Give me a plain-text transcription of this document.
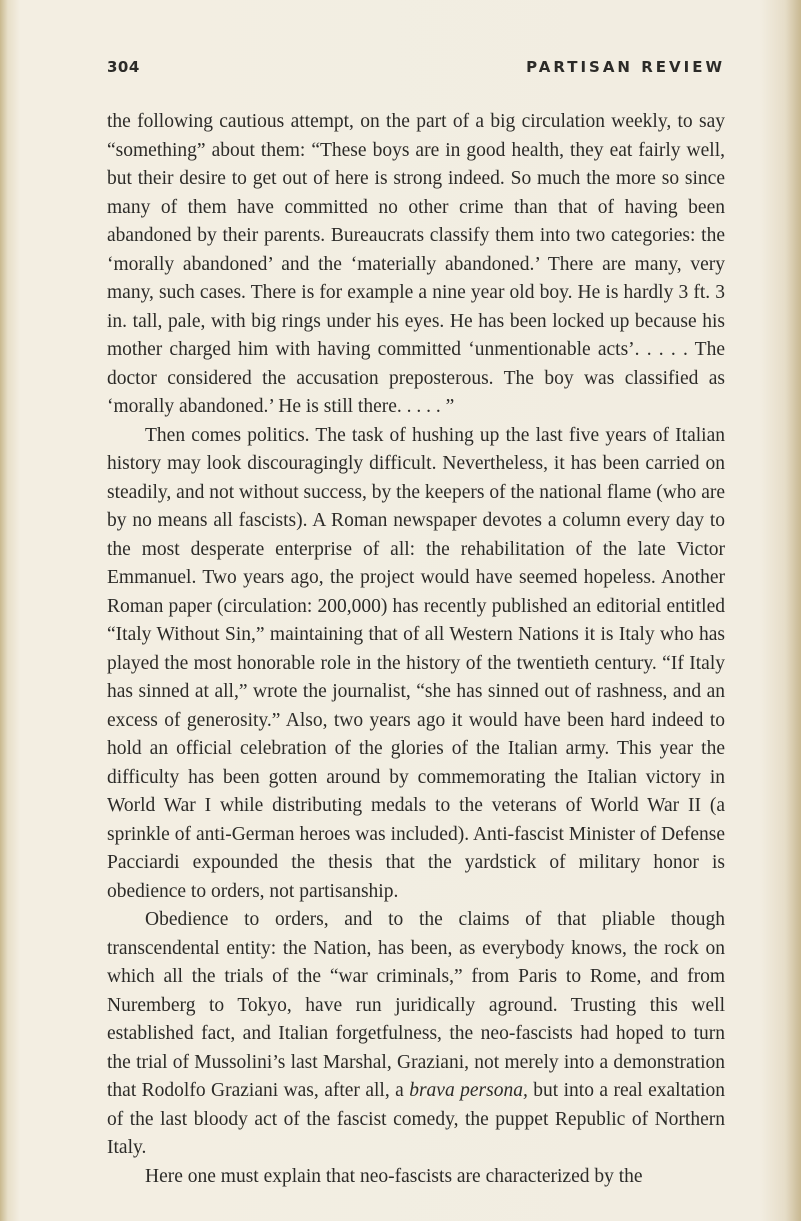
304	PARTISAN REVIEW

the following cautious attempt, on the part of a big circulation weekly, to say “something” about them: “These boys are in good health, they eat fairly well, but their desire to get out of here is strong indeed. So much the more so since many of them have committed no other crime than that of having been abandoned by their parents. Bureaucrats classify them into two categories: the ‘morally abandoned’ and the ‘materially abandoned.’ There are many, very many, such cases. There is for example a nine year old boy. He is hardly 3 ft. 3 in. tall, pale, with big rings under his eyes. He has been locked up because his mother charged him with having committed ‘unmentionable acts’. . . . . The doctor considered the accusation preposterous. The boy was classified as ‘morally abandoned.’ He is still there. . . . . ”

Then comes politics. The task of hushing up the last five years of Italian history may look discouragingly difficult. Nevertheless, it has been carried on steadily, and not without success, by the keepers of the national flame (who are by no means all fascists). A Roman newspaper devotes a column every day to the most desperate enterprise of all: the rehabilitation of the late Victor Emmanuel. Two years ago, the project would have seemed hopeless. Another Roman paper (circulation: 200,000) has recently published an editorial entitled “Italy Without Sin,” maintaining that of all Western Nations it is Italy who has played the most honorable role in the history of the twentieth century. “If Italy has sinned at all,” wrote the journalist, “she has sinned out of rashness, and an excess of generosity.” Also, two years ago it would have been hard indeed to hold an official celebration of the glories of the Italian army. This year the difficulty has been gotten around by commemorating the Italian victory in World War I while distributing medals to the veterans of World War II (a sprinkle of anti-German heroes was included). Anti-fascist Minister of Defense Pacciardi expounded the thesis that the yardstick of military honor is obedience to orders, not partisanship.

Obedience to orders, and to the claims of that pliable though transcendental entity: the Nation, has been, as everybody knows, the rock on which all the trials of the “war criminals,” from Paris to Rome, and from Nuremberg to Tokyo, have run juridically aground. Trusting this well established fact, and Italian forgetfulness, the neo-fascists had hoped to turn the trial of Mussolini’s last Marshal, Graziani, not merely into a demonstration that Rodolfo Graziani was, after all, a brava persona, but into a real exaltation of the last bloody act of the fascist comedy, the puppet Republic of Northern Italy.

Here one must explain that neo-fascists are characterized by the
